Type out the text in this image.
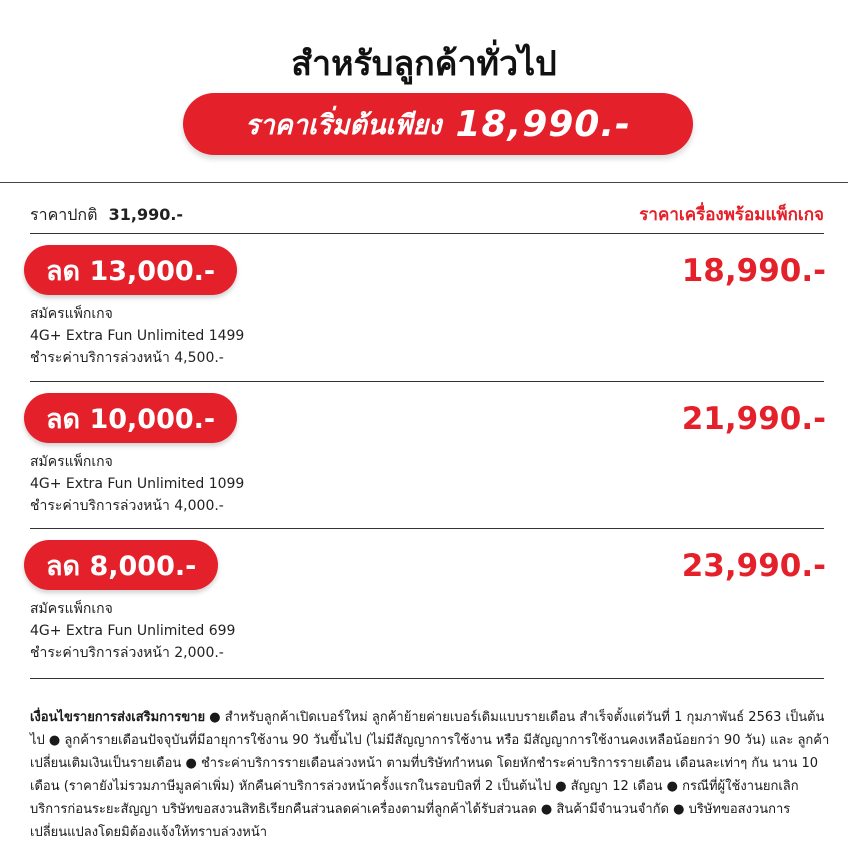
สำหรับลูกค้าทั่วไป
ราคาเริ่มต้นเพียง 18,990.-
ราคาปกติ 31,990.-	ราคาเครื่องพร้อมแพ็กเกจ
ลด 13,000.-	18,990.-
สมัครแพ็กเกจ
4G+ Extra Fun Unlimited 1499
ชำระค่าบริการล่วงหน้า 4,500.-
ลด 10,000.-	21,990.-
สมัครแพ็กเกจ
4G+ Extra Fun Unlimited 1099
ชำระค่าบริการล่วงหน้า 4,000.-
ลด 8,000.-	23,990.-
สมัครแพ็กเกจ
4G+ Extra Fun Unlimited 699
ชำระค่าบริการล่วงหน้า 2,000.-
เงื่อนไขรายการส่งเสริมการขาย ● สำหรับลูกค้าเปิดเบอร์ใหม่ ลูกค้าย้ายค่ายเบอร์เดิมแบบรายเดือน สำเร็จตั้งแต่วันที่ 1 กุมภาพันธ์ 2563 เป็นต้นไป ● ลูกค้ารายเดือนปัจจุบันที่มีอายุการใช้งาน 90 วันขึ้นไป (ไม่มีสัญญาการใช้งาน หรือ มีสัญญาการใช้งานคงเหลือน้อยกว่า 90 วัน) และ ลูกค้าเปลี่ยนเติมเงินเป็นรายเดือน ● ชำระค่าบริการรายเดือนล่วงหน้า ตามที่บริษัทกำหนด โดยหักชำระค่าบริการรายเดือน เดือนละเท่าๆ กัน นาน 10 เดือน (ราคายังไม่รวมภาษีมูลค่าเพิ่ม) หักคืนค่าบริการล่วงหน้าครั้งแรกในรอบบิลที่ 2 เป็นต้นไป ● สัญญา 12 เดือน ● กรณีที่ผู้ใช้งานยกเลิกบริการก่อนระยะสัญญา บริษัทขอสงวนสิทธิเรียกคืนส่วนลดค่าเครื่องตามที่ลูกค้าได้รับส่วนลด ● สินค้ามีจำนวนจำกัด ● บริษัทขอสงวนการเปลี่ยนแปลงโดยมิต้องแจ้งให้ทราบล่วงหน้า
